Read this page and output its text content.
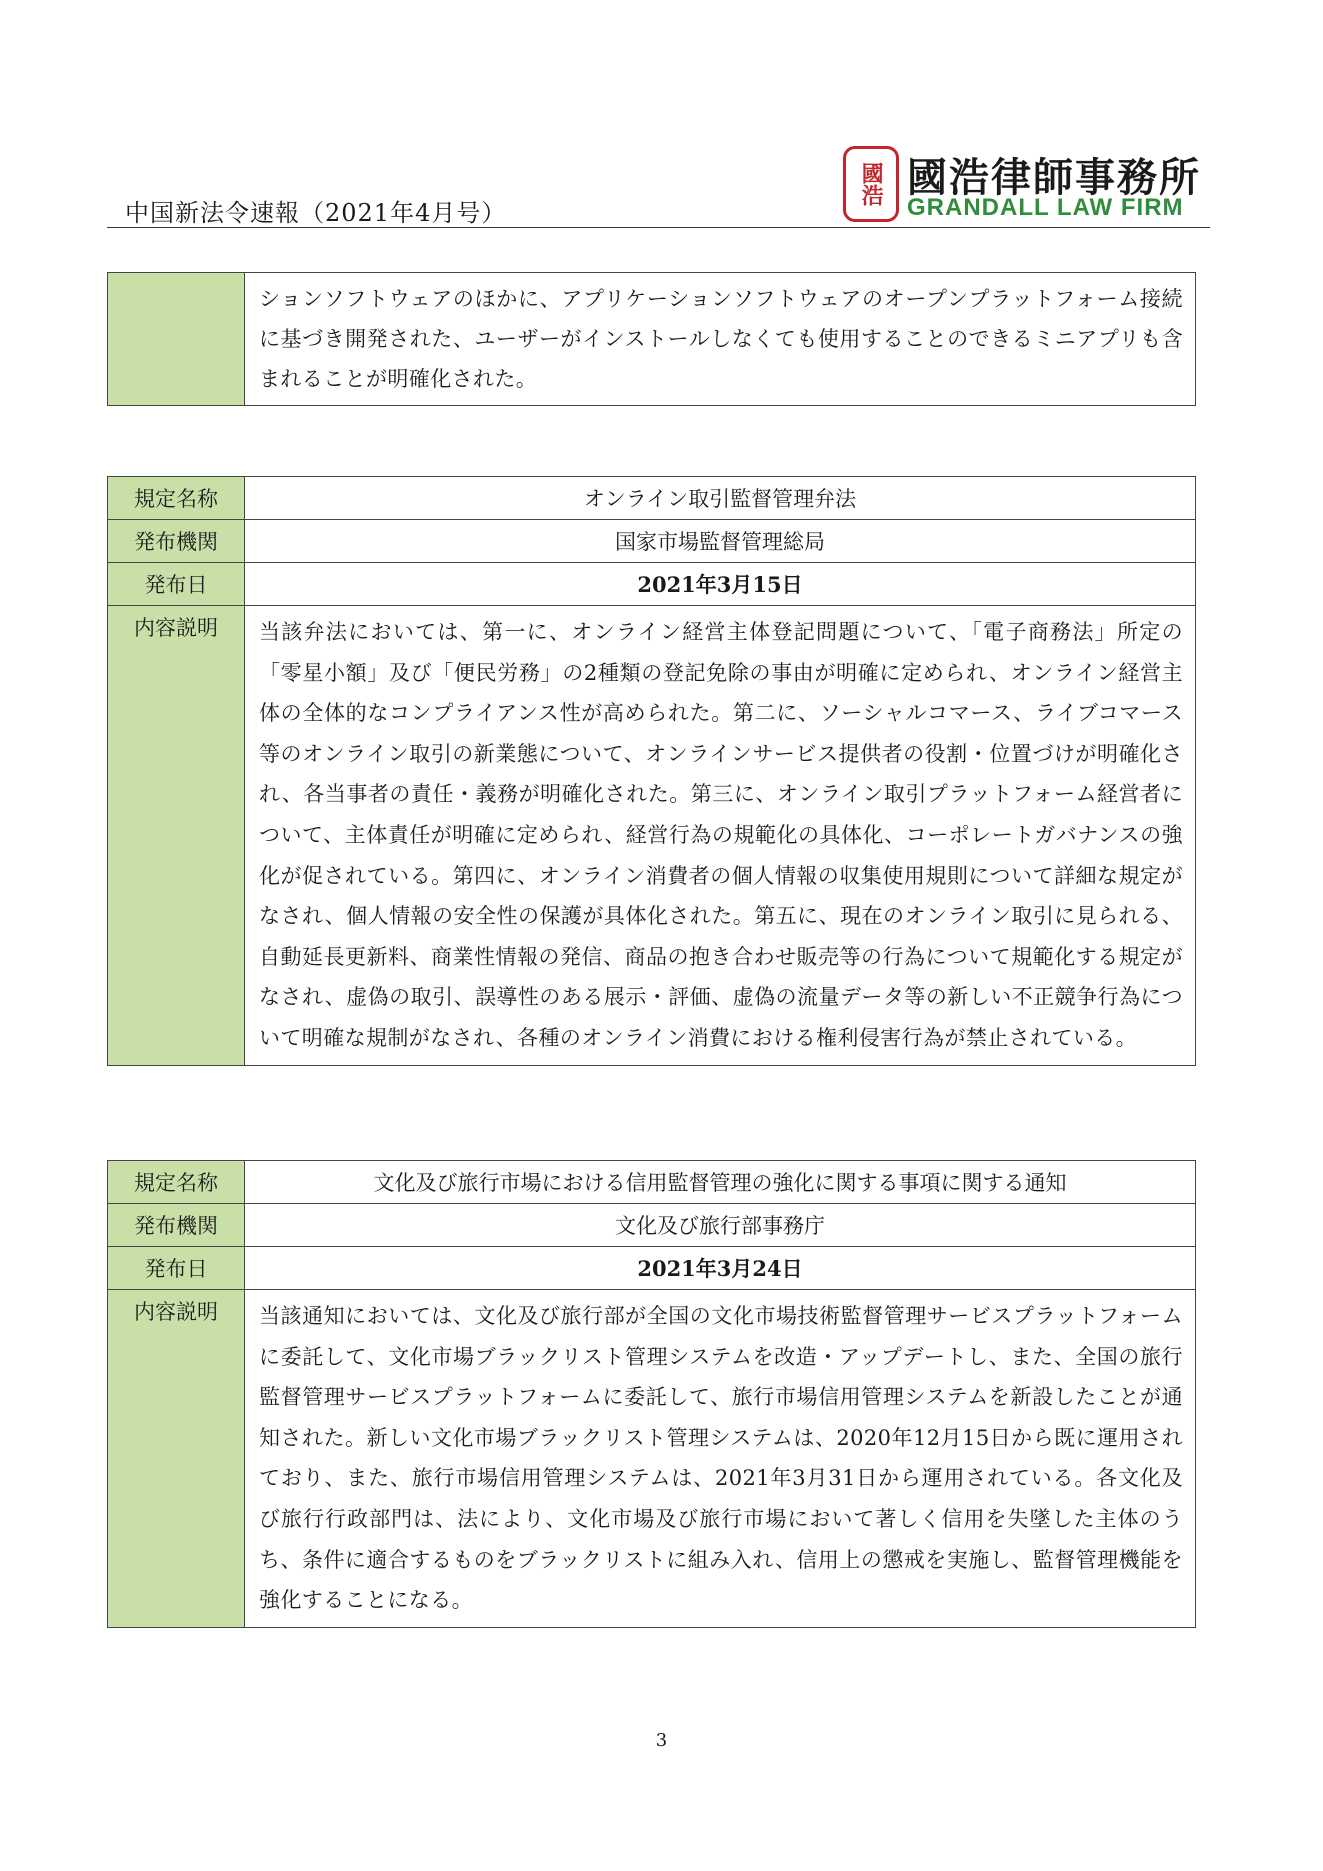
中国新法令速報（2021年4月号）
國浩 國浩律師事務所
GRANDALL LAW FIRM
	ションソフトウェアのほかに、アプリケーションソフトウェアのオープンプラットフォーム接続に基づき開発された、ユーザーがインストールしなくても使用することのできるミニアプリも含まれることが明確化された。
規定名称	オンライン取引監督管理弁法
発布機関	国家市場監督管理総局
発布日	2021年3月15日
内容説明	当該弁法においては、第一に、オンライン経営主体登記問題について、「電子商務法」所定の「零星小額」及び「便民労務」の2種類の登記免除の事由が明確に定められ、オンライン経営主体の全体的なコンプライアンス性が高められた。第二に、ソーシャルコマース、ライブコマース等のオンライン取引の新業態について、オンラインサービス提供者の役割・位置づけが明確化され、各当事者の責任・義務が明確化された。第三に、オンライン取引プラットフォーム経営者について、主体責任が明確に定められ、経営行為の規範化の具体化、コーポレートガバナンスの強化が促されている。第四に、オンライン消費者の個人情報の収集使用規則について詳細な規定がなされ、個人情報の安全性の保護が具体化された。第五に、現在のオンライン取引に見られる、自動延長更新料、商業性情報の発信、商品の抱き合わせ販売等の行為について規範化する規定がなされ、虚偽の取引、誤導性のある展示・評価、虚偽の流量データ等の新しい不正競争行為について明確な規制がなされ、各種のオンライン消費における権利侵害行為が禁止されている。
規定名称	文化及び旅行市場における信用監督管理の強化に関する事項に関する通知
発布機関	文化及び旅行部事務庁
発布日	2021年3月24日
内容説明	当該通知においては、文化及び旅行部が全国の文化市場技術監督管理サービスプラットフォームに委託して、文化市場ブラックリスト管理システムを改造・アップデートし、また、全国の旅行監督管理サービスプラットフォームに委託して、旅行市場信用管理システムを新設したことが通知された。新しい文化市場ブラックリスト管理システムは、2020年12月15日から既に運用されており、また、旅行市場信用管理システムは、2021年3月31日から運用されている。各文化及び旅行行政部門は、法により、文化市場及び旅行市場において著しく信用を失墜した主体のうち、条件に適合するものをブラックリストに組み入れ、信用上の懲戒を実施し、監督管理機能を強化することになる。
3
